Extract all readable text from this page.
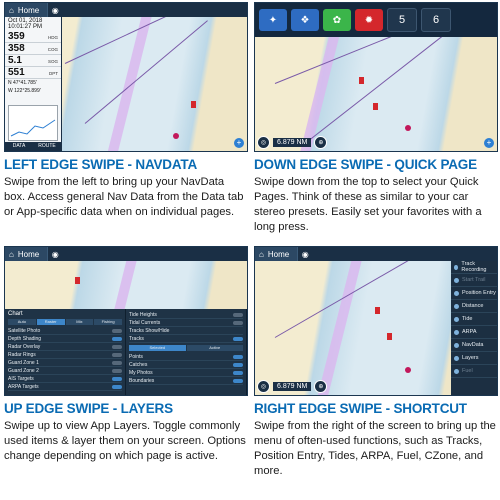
⌂ Home	◉
Oct 01, 2018 10:01:27 PM
359	HDG
358	COG
5.1	SOG
551	DPT
N 47°41.785'
W 122°25.899'
DATA	ROUTE	+
LEFT EDGE SWIPE - NAVDATA
Swipe from the left to bring up your NavData box. Access general Nav Data from the Data tab or App-specific data when on individual pages.
✦	❖	✿	✹	5	6
◎	6.879 NM	⊕	+
DOWN EDGE SWIPE - QUICK PAGE
Swipe down from the top to select your Quick Pages. Think of these as similar to your car stereo presets. Easily set your favorites with a long press.
⌂ Home	◉
Chart
Auto	Raster	Mix	Fishing
Satellite Photo
Depth Shading
Radar Overlay
Radar Rings
Guard Zone 1
Guard Zone 2
AIS Targets
ARPA Targets
Tide Heights
Tidal Currents
Tracks Show/Hide
Tracks
Selected	Active
Points
Catches
My Photos
Boundaries
UP EDGE SWIPE - LAYERS
Swipe up to view App Layers. Toggle commonly used items & layer them on your screen. Options change depending on which page is active.
⌂ Home	◉
Track Recording
Start Trail
Position Entry
Distance
Tide
ARPA
NavData
Layers
Fuel
◎	6.879 NM	⊕
RIGHT EDGE SWIPE - SHORTCUT
Swipe from the right of the screen to bring up the menu of often-used functions, such as Tracks, Position Entry, Tides, ARPA, Fuel, CZone, and more.
